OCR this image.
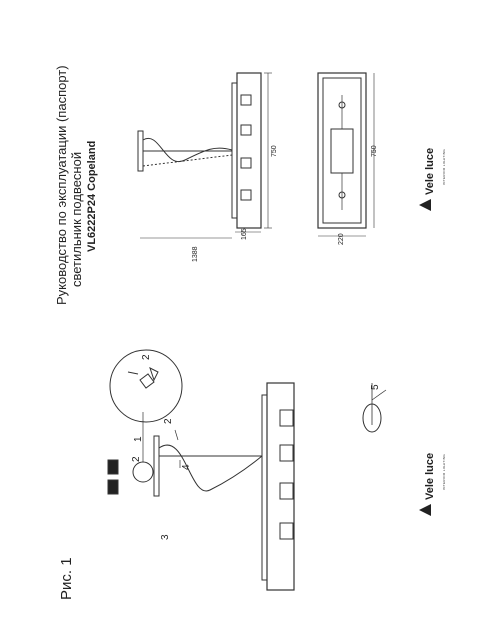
Рис. 1
Руководство по эксплуатации (паспорт) светильник подвесной VL6222P24 Copeland
1388
165
750	750
220
1
2
3
4
5
2
2
Vele luce	INTERIOR LIGHTING
Vele luce	INTERIOR LIGHTING
